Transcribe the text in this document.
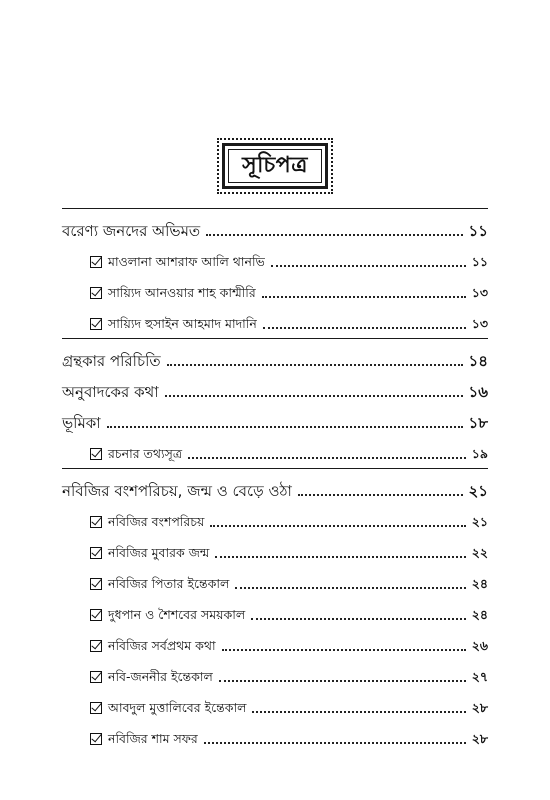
সূচিপত্র
বরেণ্য জনদের অভিমত	১১
মাওলানা আশরাফ আলি থানভি	১১
সায়্যিদ আনওয়ার শাহ কাশ্মীরি	১৩
সায়্যিদ হুসাইন আহমাদ মাদানি	১৩
গ্রন্থকার পরিচিতি	১৪
অনুবাদকের কথা	১৬
ভূমিকা	১৮
রচনার তথ্যসূত্র	১৯
নবিজির বংশপরিচয়, জন্ম ও বেড়ে ওঠা	২১
নবিজির বংশপরিচয়	২১
নবিজির মুবারক জন্ম	২২
নবিজির পিতার ইন্তেকাল	২৪
দুধপান ও শৈশবের সময়কাল	২৪
নবিজির সর্বপ্রথম কথা	২৬
নবি-জননীর ইন্তেকাল	২৭
আবদুল মুত্তালিবের ইন্তেকাল	২৮
নবিজির শাম সফর	২৮
